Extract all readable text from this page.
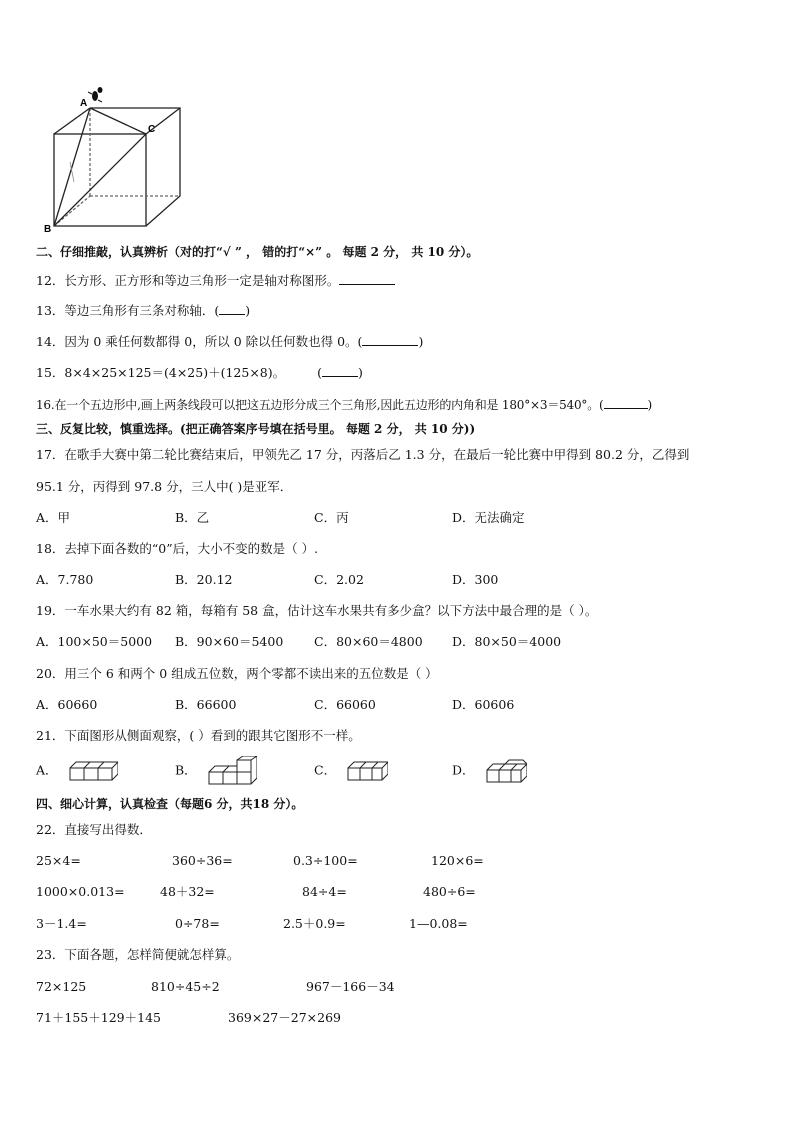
A
B
C
二、仔细推敲，认真辨析（对的打“√ ” ， 错的打“×” 。 每题 2 分， 共 10 分）。
12．长方形、正方形和等边三角形一定是轴对称图形。
13．等边三角形有三条对称轴．( )
14．因为 0 乘任何数都得 0，所以 0 除以任何数也得 0。(	)
15．8×4×25×125＝(4×25)＋(125×8)。	(	)
16.在一个五边形中,画上两条线段可以把这五边形分成三个三角形,因此五边形的内角和是 180°×3＝540°。(	)
三、反复比较，慎重选择。(把正确答案序号填在括号里。 每题 2 分， 共 10 分))
17．在歌手大赛中第二轮比赛结束后，甲领先乙 17 分，丙落后乙 1.3 分，在最后一轮比赛中甲得到 80.2 分，乙得到
95.1 分，丙得到 97.8 分，三人中( )是亚军．
A．甲	B．乙	C．丙	D．无法确定
18．去掉下面各数的“0”后，大小不变的数是（ ）.
A．7.780	B．20.12	C．2.02	D．300
19．一车水果大约有 82 箱，每箱有 58 盒，估计这车水果共有多少盒？以下方法中最合理的是（ ）。
A．100×50＝5000 B．90×60＝5400 C．80×60＝4800 D．80×50＝4000
20．用三个 6 和两个 0 组成五位数，两个零都不读出来的五位数是（ ）
A．60660	B．66600	C．66060	D．60606
21．下面图形从侧面观察，( ）看到的跟其它图形不一样。
A．	B．	C．	D．
四、细心计算，认真检查（每题6 分，共18 分）。
22．直接写出得数．
25×4=	360÷36=	0.3÷100=	120×6=
1000×0.013=	48＋32=	84÷4=	480÷6=
3－1.4=	0÷78=	2.5＋0.9=	1—0.08=
23．下面各题，怎样简便就怎样算。
72×125	810÷45÷2	967－166－34
71＋155＋129＋145	369×27－27×269
